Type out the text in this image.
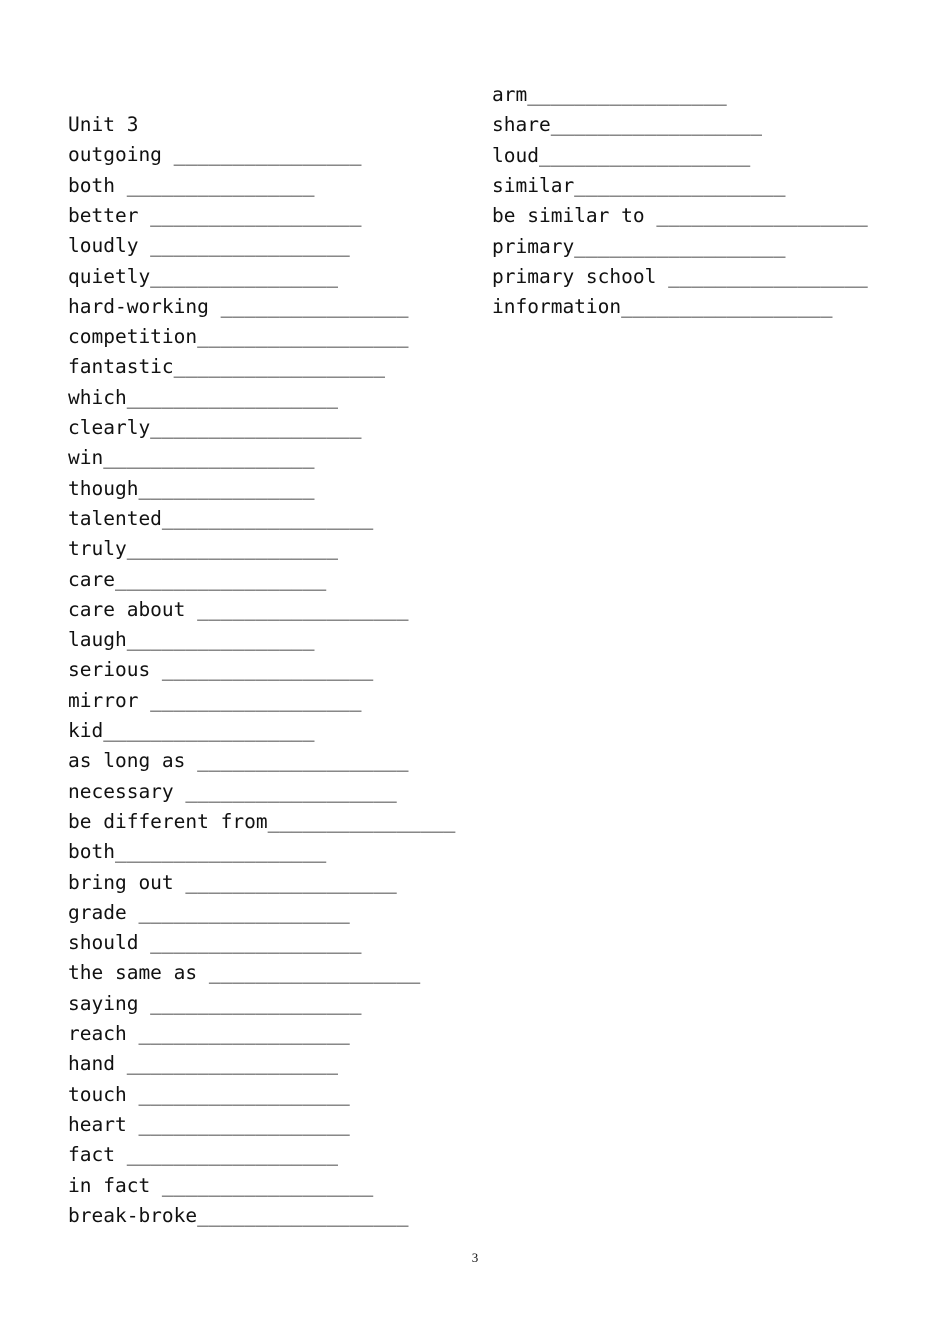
Unit 3
outgoing ________________
both ________________
better __________________
loudly _________________
quietly________________
hard-working ________________
competition__________________
fantastic__________________
which__________________
clearly__________________
win__________________
though_______________
talented__________________
truly__________________
care__________________
care about __________________
laugh________________
serious __________________
mirror __________________
kid__________________
as long as __________________
necessary __________________
be different from________________
both__________________
bring out __________________
grade __________________
should __________________
the same as __________________
saying __________________
reach __________________
hand __________________
touch __________________
heart __________________
fact __________________
in fact __________________
break-broke__________________
arm_________________
share__________________
loud__________________
similar__________________
be similar to __________________
primary__________________
primary school _________________
information__________________
3
